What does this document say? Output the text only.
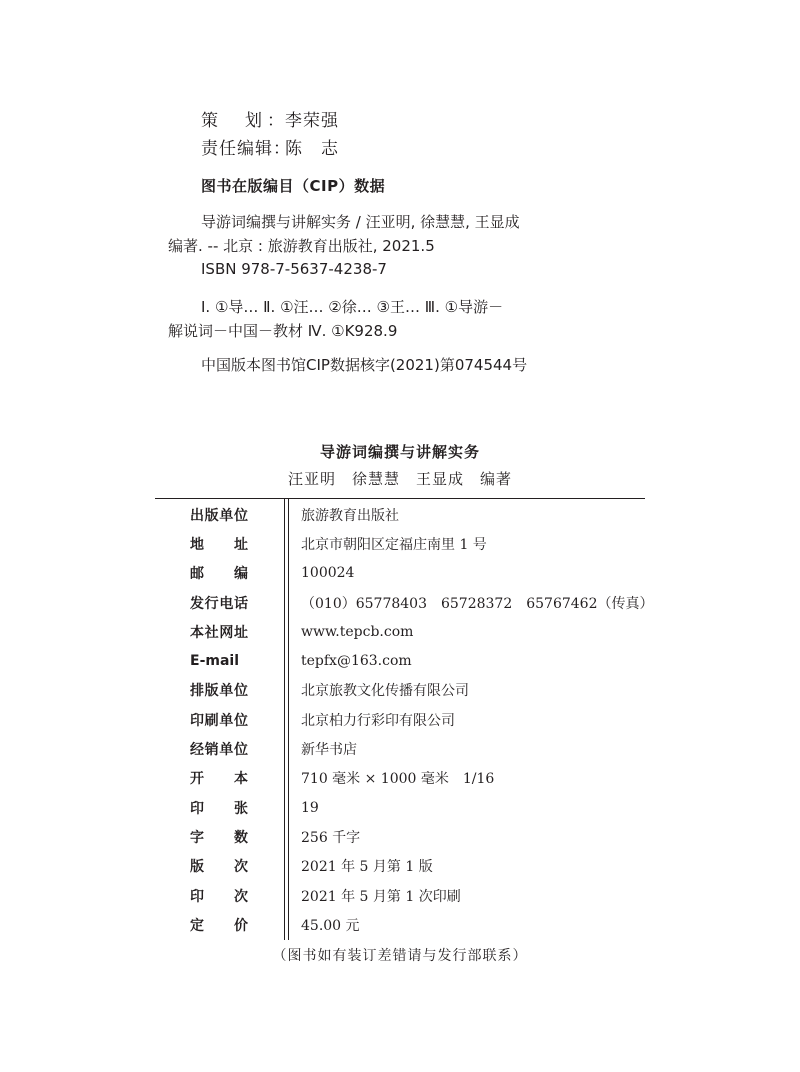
策　划：李荣强
责任编辑：陈　志
图书在版编目（CIP）数据
导游词编撰与讲解实务 / 汪亚明, 徐慧慧, 王显成
编著. -- 北京 : 旅游教育出版社, 2021.5
ISBN 978-7-5637-4238-7
Ⅰ. ①导… Ⅱ. ①汪… ②徐… ③王… Ⅲ. ①导游－
解说词－中国－教材 Ⅳ. ①K928.9
中国版本图书馆CIP数据核字(2021)第074544号
导游词编撰与讲解实务
汪亚明　徐慧慧　王显成　编著
出版单位	旅游教育出版社
地址	北京市朝阳区定福庄南里 1 号
邮编	100024
发行电话	（010）65778403　65728372　65767462（传真）
本社网址	www.tepcb.com
E-mail	tepfx@163.com
排版单位	北京旅教文化传播有限公司
印刷单位	北京柏力行彩印有限公司
经销单位	新华书店
开本	710 毫米 × 1000 毫米　1/16
印张	19
字数	256 千字
版次	2021 年 5 月第 1 版
印次	2021 年 5 月第 1 次印刷
定价	45.00 元
（图书如有装订差错请与发行部联系）
